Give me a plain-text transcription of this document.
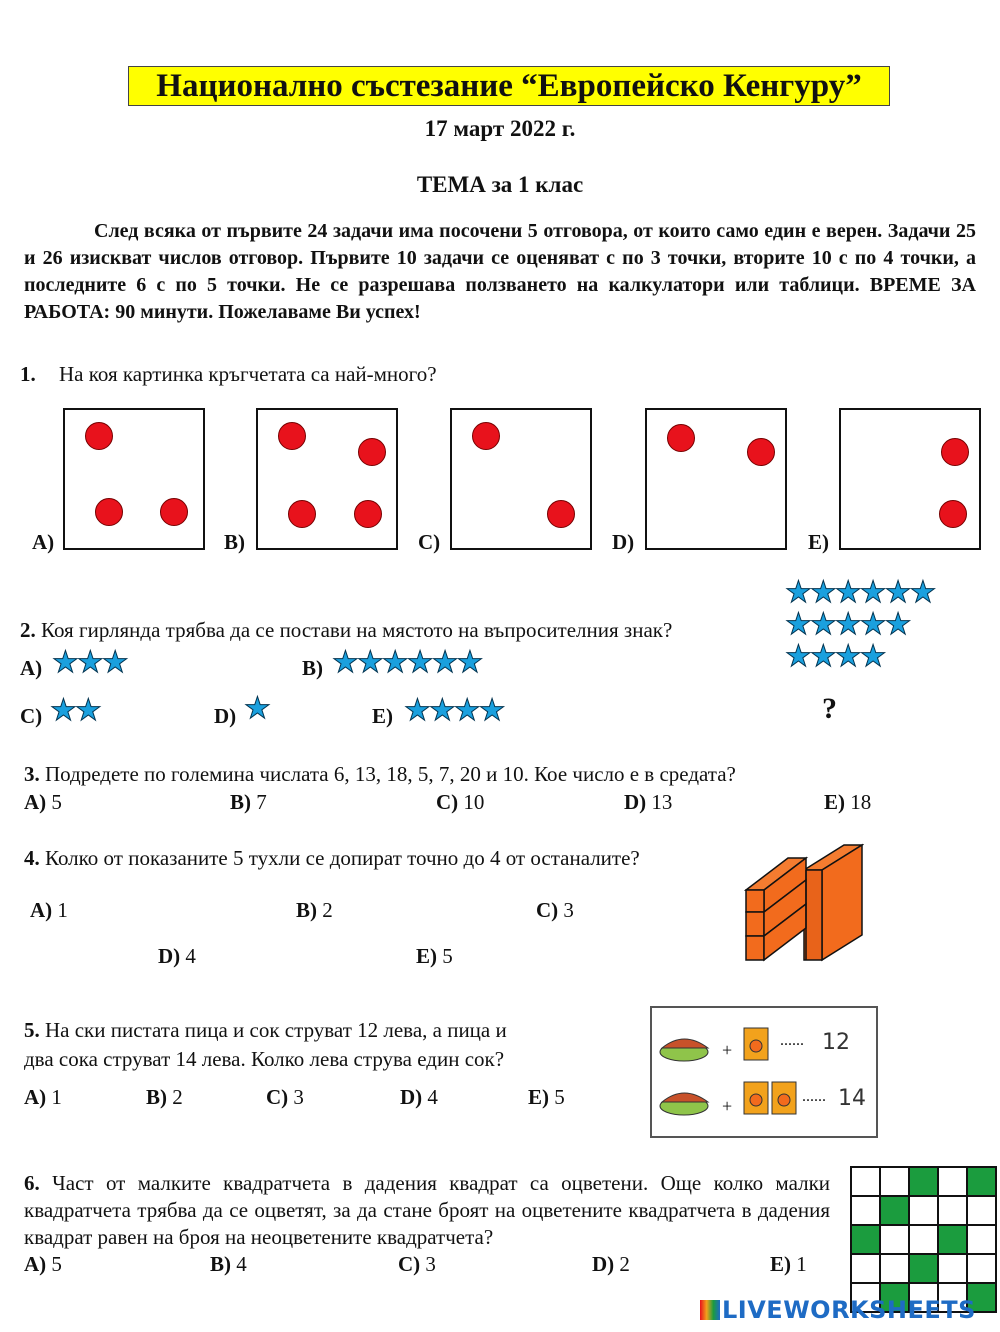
Национално състезание “Европейско Кенгуру”
17 март 2022 г.
ТЕМА за 1 клас
След всяка от първите 24 задачи има посочени 5 отговора, от които само един е верен. Задачи 25 и 26 изискват числов отговор. Първите 10 задачи се оценяват с по 3 точки, вторите 10 с по 4 точки, а последните 6 с по 5 точки. Не се разрешава ползването на калкулатори или таблици. ВРЕМЕ ЗА РАБОТА: 90 минути. Пожелаваме Ви успех!
1. На коя картинка кръгчетата са най-много?
A)	B)	C)	D)	E)
2. Коя гирлянда трябва да се постави на мястото на въпросителния знак?
★★★★★★
★★★★★
★★★★
?
A) ★★★	B) ★★★★★★
C) ★★	D) ★	E) ★★★★
3. Подредете по големина числата 6, 13, 18, 5, 7, 20 и 10. Кое число е в средата?
A) 5	B) 7	C) 10	D) 13	E) 18
4. Колко от показаните 5 тухли се допират точно до 4 от останалите?
A) 1	B) 2	C) 3
D) 4	E) 5
5. На ски пистата пица и сок струват 12 лева, а пица и
два сока струват 14 лева. Колко лева струва един сок?
A) 1	B) 2	C) 3	D) 4	E) 5
+	...... 12
+	...... 14
6. Част от малките квадратчета в дадения квадрат са оцветени. Още колко малки квадратчета трябва да се оцветят, за да стане броят на оцветените квадратчета в дадения квадрат равен на броя на неоцветените квадратчета?
A) 5	B) 4	C) 3	D) 2	E) 1

LIVEWORKSHEETS
